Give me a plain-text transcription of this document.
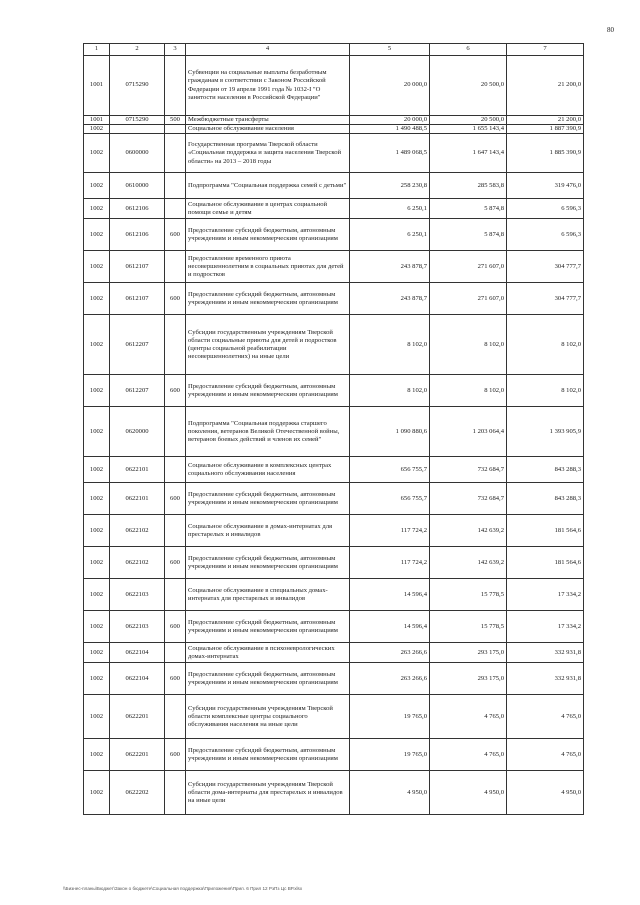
80
1	2	3	4	5	6	7
1001	0715290		Субвенции на социальные выплаты безработным гражданам в соответствии с Законом Российской Федерации от 19 апреля 1991 года № 1032-I "О занятости населения в Российской Федерации"	20 000,0	20 500,0	21 200,0
1001	0715290	500	Межбюджетные трансферты	20 000,0	20 500,0	21 200,0
1002			Социальное обслуживание населения	1 490 488,5	1 655 143,4	1 887 390,9
1002	0600000		Государственная программа Тверской области «Социальная поддержка и защита населения Тверской области» на 2013 – 2018 годы	1 489 068,5	1 647 143,4	1 885 390,9
1002	0610000		Подпрограмма "Социальная поддержка семей с детьми"	258 230,8	285 583,8	319 476,0
1002	0612106		Социальное обслуживание в центрах социальной помощи семье и детям	6 250,1	5 874,8	6 596,3
1002	0612106	600	Предоставление субсидий бюджетным, автономным учреждениям и иным некоммерческим организациям	6 250,1	5 874,8	6 596,3
1002	0612107		Предоставление временного приюта несовершеннолетним в социальных приютах для детей и подростков	243 878,7	271 607,0	304 777,7
1002	0612107	600	Предоставление субсидий бюджетным, автономным учреждениям и иным некоммерческим организациям	243 878,7	271 607,0	304 777,7
1002	0612207		Субсидии государственным учреждениям Тверской области социальные приюты для детей и подростков (центры социальной реабилитации несовершеннолетних) на иные цели	8 102,0	8 102,0	8 102,0
1002	0612207	600	Предоставление субсидий бюджетным, автономным учреждениям и иным некоммерческим организациям	8 102,0	8 102,0	8 102,0
1002	0620000		Подпрограмма "Социальная поддержка старшего поколения, ветеранов Великой Отечественной войны, ветеранов боевых действий и членов их семей"	1 090 880,6	1 203 064,4	1 393 905,9
1002	0622101		Социальное обслуживание в комплексных центрах социального обслуживания населения	656 755,7	732 684,7	843 288,3
1002	0622101	600	Предоставление субсидий бюджетным, автономным учреждениям и иным некоммерческим организациям	656 755,7	732 684,7	843 288,3
1002	0622102		Социальное обслуживание в домах-интернатах для престарелых и инвалидов	117 724,2	142 639,2	181 564,6
1002	0622102	600	Предоставление субсидий бюджетным, автономным учреждениям и иным некоммерческим организациям	117 724,2	142 639,2	181 564,6
1002	0622103		Социальное обслуживание в специальных домах-интернатах для престарелых и инвалидов	14 596,4	15 778,5	17 334,2
1002	0622103	600	Предоставление субсидий бюджетным, автономным учреждениям и иным некоммерческим организациям	14 596,4	15 778,5	17 334,2
1002	0622104		Социальное обслуживание в психоневрологических домах-интернатах	263 266,6	293 175,0	332 931,8
1002	0622104	600	Предоставление субсидий бюджетным, автономным учреждениям и иным некоммерческим организациям	263 266,6	293 175,0	332 931,8
1002	0622201		Субсидии государственным учреждениям Тверской области комплексные центры социального обслуживания населения на иные цели	19 765,0	4 765,0	4 765,0
1002	0622201	600	Предоставление субсидий бюджетным, автономным учреждениям и иным некоммерческим организациям	19 765,0	4 765,0	4 765,0
1002	0622202		Субсидии государственным учреждениям Тверской области дома-интернаты для престарелых и инвалидов на иные цели	4 950,0	4 950,0	4 950,0
\\Бизнес-планы\Бюджет\Закон о бюджете\Социальная поддержка\Приложения\Прил. 6 Прил 12 РзПз Цс ВР.xlsx
